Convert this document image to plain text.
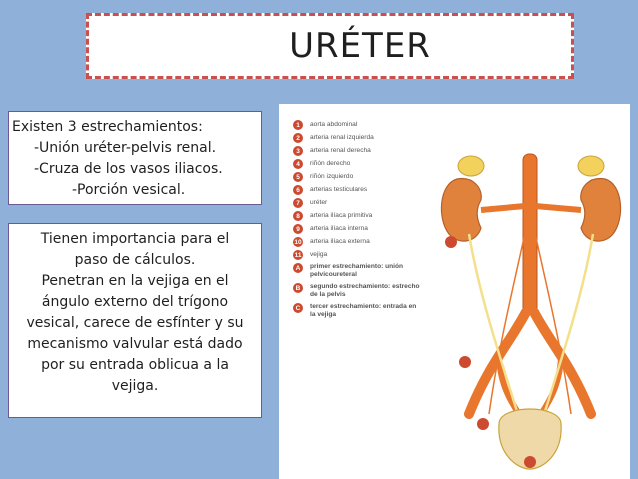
URÉTER
Existen 3 estrechamientos:
-Unión uréter-pelvis renal.
-Cruza de los vasos iliacos.
-Porción vesical.
Tienen importancia para el
paso de cálculos.
Penetran en la vejiga en el
ángulo externo del trígono
vesical, carece de esfínter y su
mecanismo valvular está dado
por su entrada oblicua a la
vejiga.
1	aorta abdominal
2	arteria renal izquierda
3	arteria renal derecha
4	riñón derecho
5	riñón izquierdo
6	arterias testiculares
7	uréter
8	arteria ilíaca primitiva
9	arteria ilíaca interna
10 arteria ilíaca externa
11 vejiga
A	primer estrechamiento: unión pelvicoureteral
B	segundo estrechamiento: estrecho de la pelvis
C	tercer estrechamiento: entrada en la vejiga
